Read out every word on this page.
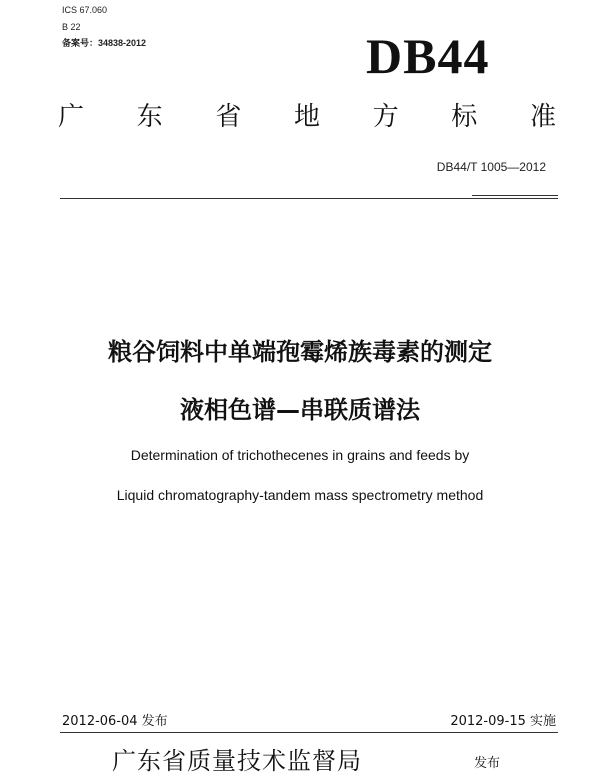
ICS 67.060
B 22
备案号：34838-2012	DB44
广 东 省 地 方 标 准
DB44/T 1005—2012
粮谷饲料中单端孢霉烯族毒素的测定
液相色谱—串联质谱法
Determination of trichothecenes in grains and feeds by
Liquid chromatography-tandem mass spectrometry method
2012-06-04 发布	2012-09-15 实施
广东省质量技术监督局	发布
